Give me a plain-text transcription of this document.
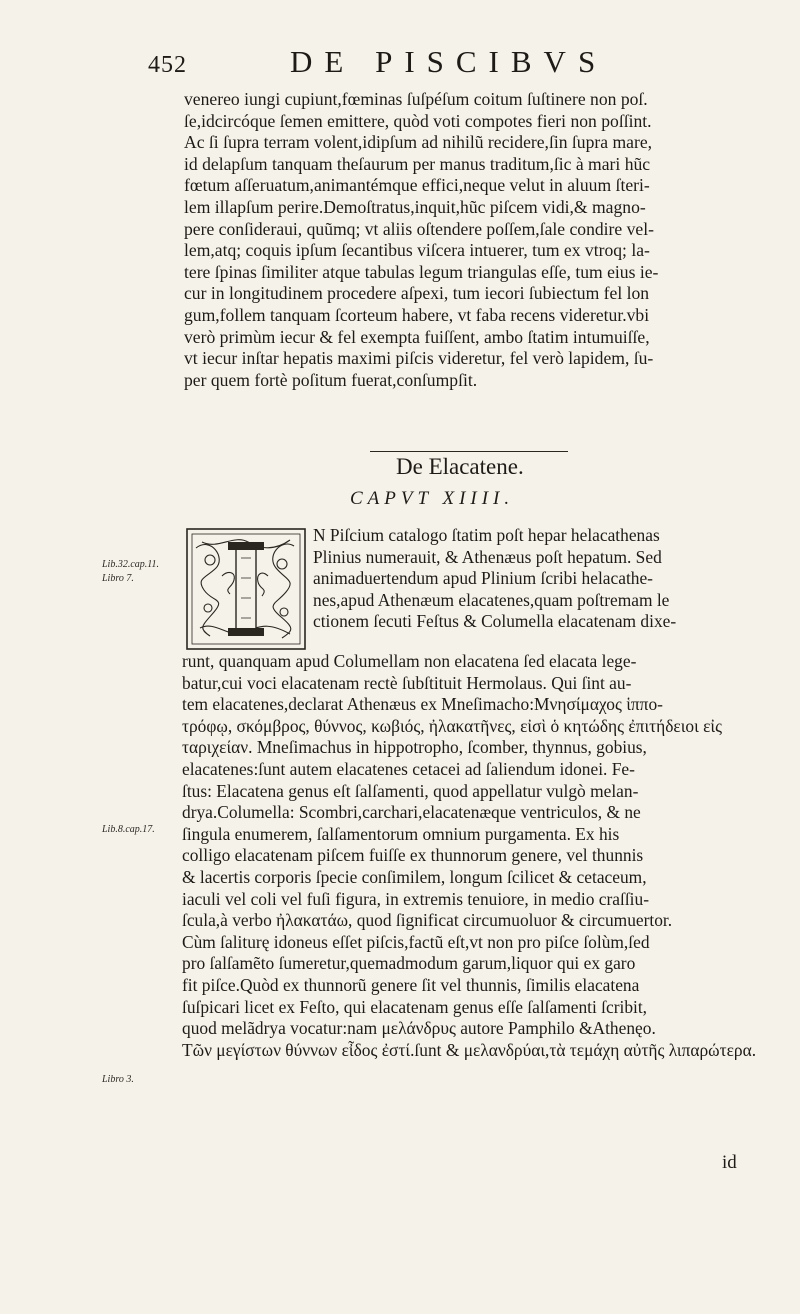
452	DE PISCIBVS
venereo iungi cupiunt,fœminas ſuſpéſum coitum ſuſtinere non poſ.
ſe,idcircóque ſemen emittere, quòd voti compotes fieri non poſſint.
Ac ſi ſupra terram volent,idipſum ad nihilũ recidere,ſin ſupra mare,
id delapſum tanquam theſaurum per manus traditum,ſic à mari hũc
fœtum aſſeruatum,animantémque effici,neque velut in aluum ſteri-
lem illapſum perire.Demoſtratus,inquit,hũc piſcem vidi,& magno-
pere conſideraui, quũmq; vt aliis oſtendere poſſem,ſale condire vel-
lem,atq; coquis ipſum ſecantibus viſcera intuerer, tum ex vtroq; la-
tere ſpinas ſimiliter atque tabulas legum triangulas eſſe, tum eius ie-
cur in longitudinem procedere aſpexi, tum iecori ſubiectum fel lon
gum,follem tanquam ſcorteum habere, vt faba recens videretur.vbi
verò primùm iecur & fel exempta fuiſſent, ambo ſtatim intumuiſſe,
vt iecur inſtar hepatis maximi piſcis videretur, fel verò lapidem, ſu-
per quem fortè poſitum fuerat,conſumpſit.
De Elacatene.
CAPVT XIIII.
N Piſcium catalogo ſtatim poſt hepar helacathenas
Plinius numerauit, & Athenæus poſt hepatum. Sed
animaduertendum apud Plinium ſcribi helacathe-
nes,apud Athenæum elacatenes,quam poſtremam le
ctionem ſecuti Feſtus & Columella elacatenam dixe-
runt, quanquam apud Columellam non elacatena ſed elacata lege-
batur,cui voci elacatenam rectè ſubſtituit Hermolaus. Qui ſint au-
tem elacatenes,declarat Athenæus ex Mneſimacho:Μνησίμαχος ἱππο-
τρόφῳ, σκόμβρος, θύννος, κωβιός, ἠλακατῆνες, εἰσὶ ὁ κητώδης ἐπιτήδειοι εἰς
ταριχείαν. Mneſimachus in hippotropho, ſcomber, thynnus, gobius,
elacatenes:ſunt autem elacatenes cetacei ad ſaliendum idonei. Fe-
ſtus: Elacatena genus eſt ſalſamenti, quod appellatur vulgò melan-
drya.Columella: Scombri,carchari,elacatenæque ventriculos, & ne
ſingula enumerem, ſalſamentorum omnium purgamenta. Ex his
colligo elacatenam piſcem fuiſſe ex thunnorum genere, vel thunnis
& lacertis corporis ſpecie conſimilem, longum ſcilicet & cetaceum,
iaculi vel coli vel fuſi figura, in extremis tenuiore, in medio craſſiu-
ſcula,à verbo ἠλακατάω, quod ſignificat circumuoluor & circumuertor.
Cùm ſaliturę idoneus eſſet piſcis,factũ eſt,vt non pro piſce ſolùm,ſed
pro ſalſamẽto ſumeretur,quemadmodum garum,liquor qui ex garo
fit piſce.Quòd ex thunnorũ genere ſit vel thunnis, ſimilis elacatena
ſuſpicari licet ex Feſto, qui elacatenam genus eſſe ſalſamenti ſcribit,
quod melãdrya vocatur:nam μελάνδρυς autore Pamphilo &Athenęo.
Τῶν μεγίστων θύννων εἶδος ἐστί.ſunt & μελανδρύαι,τὰ τεμάχη αὐτῆς λιπαρώτερα.
Lib.32.cap.11.
Libro 7.
Lib.8.cap.17.
Libro 3.
id
